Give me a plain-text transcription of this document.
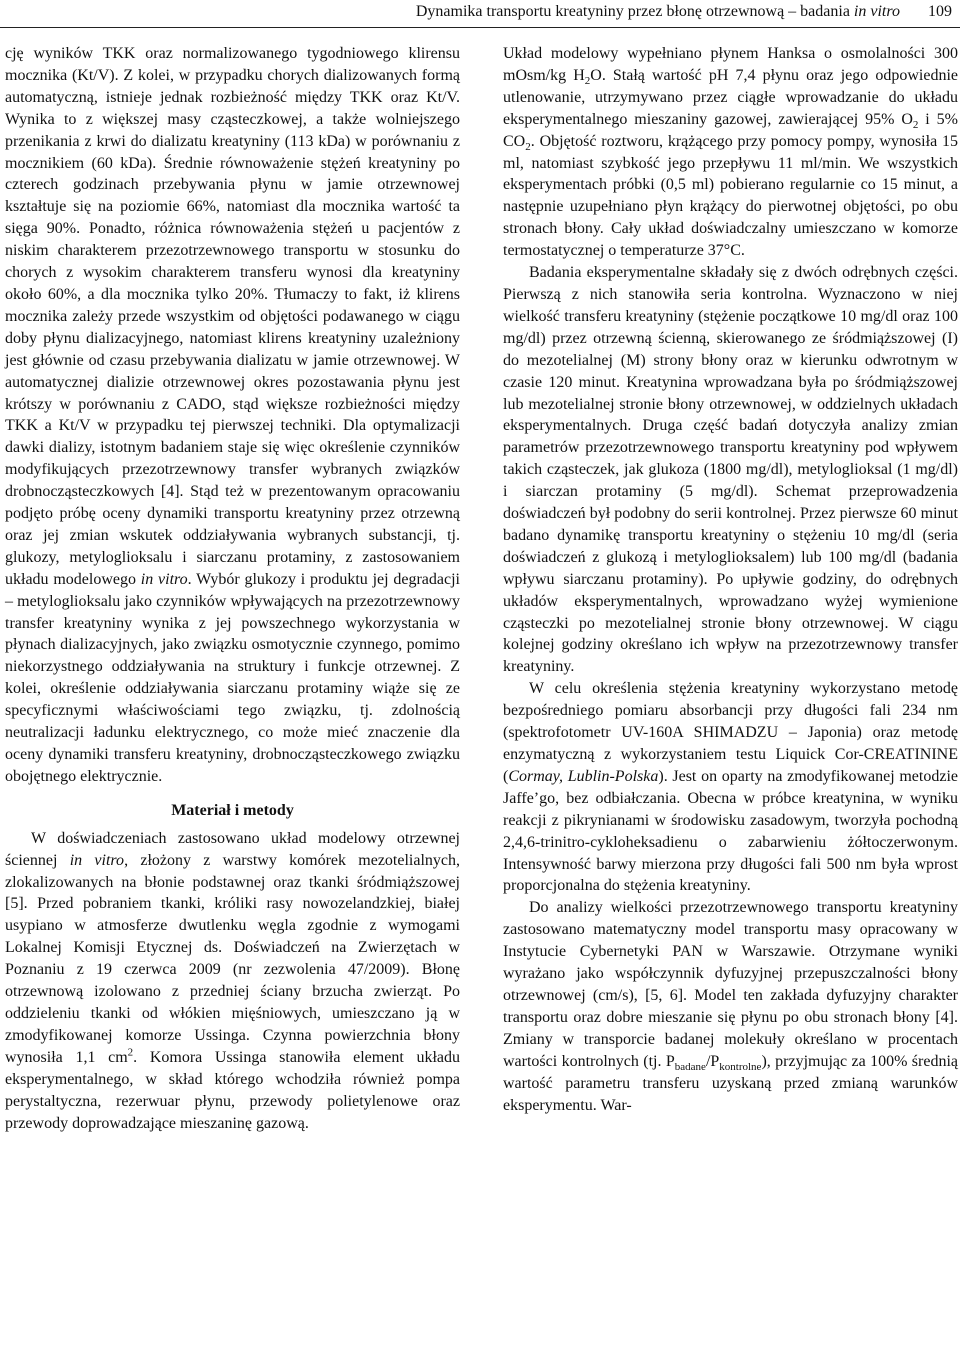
Dynamika transportu kreatyniny przez błonę otrzewnową – badania in vitro 109

cję wyników TKK oraz normalizowanego tygodniowego klirensu mocznika (Kt/V). Z kolei, w przypadku chorych dializowanych formą automatyczną, istnieje jednak rozbieżność między TKK oraz Kt/V. Wynika to z większej masy cząsteczkowej, a także wolniejszego przenikania z krwi do dializatu kreatyniny (113 kDa) w porównaniu z mocznikiem (60 kDa). Średnie równoważenie stężeń kreatyniny po czterech godzinach przebywania płynu w jamie otrzewnowej kształtuje się na poziomie 66%, natomiast dla mocznika wartość ta sięga 90%. Ponadto, różnica równoważenia stężeń u pacjentów z niskim charakterem przezotrzewnowego transportu w stosunku do chorych z wysokim charakterem transferu wynosi dla kreatyniny około 60%, a dla mocznika tylko 20%. Tłumaczy to fakt, iż klirens mocznika zależy przede wszystkim od objętości podawanego w ciągu doby płynu dializacyjnego, natomiast klirens kreatyniny uzależniony jest głównie od czasu przebywania dializatu w jamie otrzewnowej. W automatycznej dializie otrzewnowej okres pozostawania płynu jest krótszy w porównaniu z CADO, stąd większe rozbieżności między TKK a Kt/V w przypadku tej pierwszej techniki. Dla optymalizacji dawki dializy, istotnym badaniem staje się więc określenie czynników modyfikujących przezotrzewnowy transfer wybranych związków drobnocząsteczkowych [4]. Stąd też w prezentowanym opracowaniu podjęto próbę oceny dynamiki transportu kreatyniny przez otrzewną oraz jej zmian wskutek oddziaływania wybranych substancji, tj. glukozy, metyloglioksalu i siarczanu protaminy, z zastosowaniem układu modelowego in vitro. Wybór glukozy i produktu jej degradacji – metyloglioksalu jako czynników wpływających na przezotrzewnowy transfer kreatyniny wynika z jej powszechnego wykorzystania w płynach dializacyjnych, jako związku osmotycznie czynnego, pomimo niekorzystnego oddziaływania na struktury i funkcje otrzewnej. Z kolei, określenie oddziaływania siarczanu protaminy wiąże się ze specyficznymi właściwościami tego związku, tj. zdolnością neutralizacji ładunku elektrycznego, co może mieć znaczenie dla oceny dynamiki transferu kreatyniny, drobnocząsteczkowego związku obojętnego elektrycznie.

Materiał i metody

W doświadczeniach zastosowano układ modelowy otrzewnej ściennej in vitro, złożony z warstwy komórek mezotelialnych, zlokalizowanych na błonie podstawnej oraz tkanki śródmiąższowej [5]. Przed pobraniem tkanki, króliki rasy nowozelandzkiej, białej usypiano w atmosferze dwutlenku węgla zgodnie z wymogami Lokalnej Komisji Etycznej ds. Doświadczeń na Zwierzętach w Poznaniu z 19 czerwca 2009 (nr zezwolenia 47/2009). Błonę otrzewnową izolowano z przedniej ściany brzucha zwierząt. Po oddzieleniu tkanki od włókien mięśniowych, umieszczano ją w zmodyfikowanej komorze Ussinga. Czynna powierzchnia błony wynosiła 1,1 $cm^2$. Komora Ussinga stanowiła element układu eksperymentalnego, w skład którego wchodziła również pompa perystaltyczna, rezerwuar płynu, przewody polietylenowe oraz przewody doprowadzające mieszaninę gazową.

Układ modelowy wypełniano płynem Hanksa o osmolalności 300 mOsm/kg $H_2O$. Stałą wartość pH 7,4 płynu oraz jego odpowiednie utlenowanie, utrzymywano przez ciągłe wprowadzanie do układu eksperymentalnego mieszaniny gazowej, zawierającej 95% $O_2$ i 5% $CO_2$. Objętość roztworu, krążącego przy pomocy pompy, wynosiła 15 ml, natomiast szybkość jego przepływu 11 ml/min. We wszystkich eksperymentach próbki (0,5 ml) pobierano regularnie co 15 minut, a następnie uzupełniano płyn krążący do pierwotnej objętości, po obu stronach błony. Cały układ doświadczalny umieszczano w komorze termostatycznej o temperaturze 37°C.

Badania eksperymentalne składały się z dwóch odrębnych części. Pierwszą z nich stanowiła seria kontrolna. Wyznaczono w niej wielkość transferu kreatyniny (stężenie początkowe 10 mg/dl oraz 100 mg/dl) przez otrzewną ścienną, skierowanego ze śródmiąższowej (I) do mezotelialnej (M) strony błony oraz w kierunku odwrotnym w czasie 120 minut. Kreatynina wprowadzana była po śródmiąższowej lub mezotelialnej stronie błony otrzewnowej, w oddzielnych układach eksperymentalnych. Druga część badań dotyczyła analizy zmian parametrów przezotrzewnowego transportu kreatyniny pod wpływem takich cząsteczek, jak glukoza (1800 mg/dl), metyloglioksal (1 mg/dl) i siarczan protaminy (5 mg/dl). Schemat przeprowadzenia doświadczeń był podobny do serii kontrolnej. Przez pierwsze 60 minut badano dynamikę transportu kreatyniny o stężeniu 10 mg/dl (seria doświadczeń z glukozą i metyloglioksalem) lub 100 mg/dl (badania wpływu siarczanu protaminy). Po upływie godziny, do odrębnych układów eksperymentalnych, wprowadzano wyżej wymienione cząsteczki po mezotelialnej stronie błony otrzewnowej. W ciągu kolejnej godziny określano ich wpływ na przezotrzewnowy transfer kreatyniny.

W celu określenia stężenia kreatyniny wykorzystano metodę bezpośredniego pomiaru absorbancji przy długości fali 234 nm (spektrofotometr UV-160A SHIMADZU – Japonia) oraz metodę enzymatyczną z wykorzystaniem testu Liquick Cor-CREATININE (Cormay, Lublin-Polska). Jest on oparty na zmodyfikowanej metodzie Jaffe’go, bez odbiałczania. Obecna w próbce kreatynina, w wyniku reakcji z pikrynianami w środowisku zasadowym, tworzyła pochodną 2,4,6-trinitro-cykloheksadienu o zabarwieniu żółtoczerwonym. Intensywność barwy mierzona przy długości fali 500 nm była wprost proporcjonalna do stężenia kreatyniny.

Do analizy wielkości przezotrzewnowego transportu kreatyniny zastosowano matematyczny model transportu masy opracowany w Instytucie Cybernetyki PAN w Warszawie. Otrzymane wyniki wyrażano jako współczynnik dyfuzyjnej przepuszczalności błony otrzewnowej (cm/s), [5, 6]. Model ten zakłada dyfuzyjny charakter transportu oraz dobre mieszanie się płynu po obu stronach błony [4]. Zmiany w transporcie badanej molekuły określano w procentach wartości kontrolnych (tj. $P_{badane}/P_{kontrolne}$), przyjmując za 100% średnią wartość parametru transferu uzyskaną przed zmianą warunków eksperymentu. War-
